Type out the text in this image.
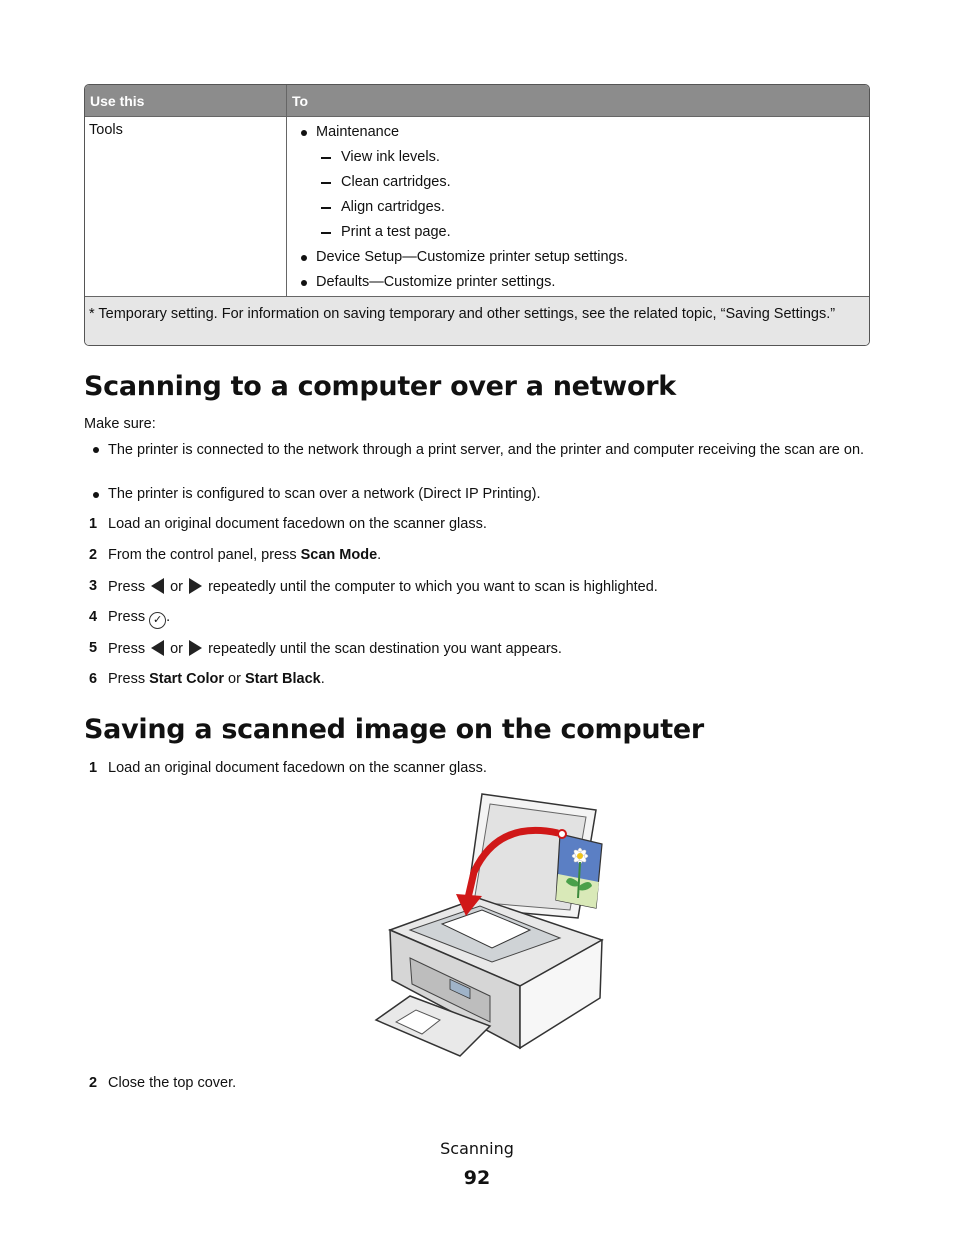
Use this	To
Tools	Maintenance
View ink levels.
Clean cartridges.
Align cartridges.
Print a test page.
Device Setup—Customize printer setup settings.
Defaults—Customize printer settings.
* Temporary setting. For information on saving temporary and other settings, see the related topic, “Saving Settings.”
Scanning to a computer over a network
Make sure:
The printer is connected to the network through a print server, and the printer and computer receiving the scan are on.
The printer is configured to scan over a network (Direct IP Printing).
1 Load an original document facedown on the scanner glass.
2 From the control panel, press Scan Mode.
3 Press  or  repeatedly until the computer to which you want to scan is highlighted.
4 Press ✓ .
5 Press  or  repeatedly until the scan destination you want appears.
6 Press Start Color or Start Black.
Saving a scanned image on the computer
1 Load an original document facedown on the scanner glass.
2 Close the top cover.
Scanning
92
